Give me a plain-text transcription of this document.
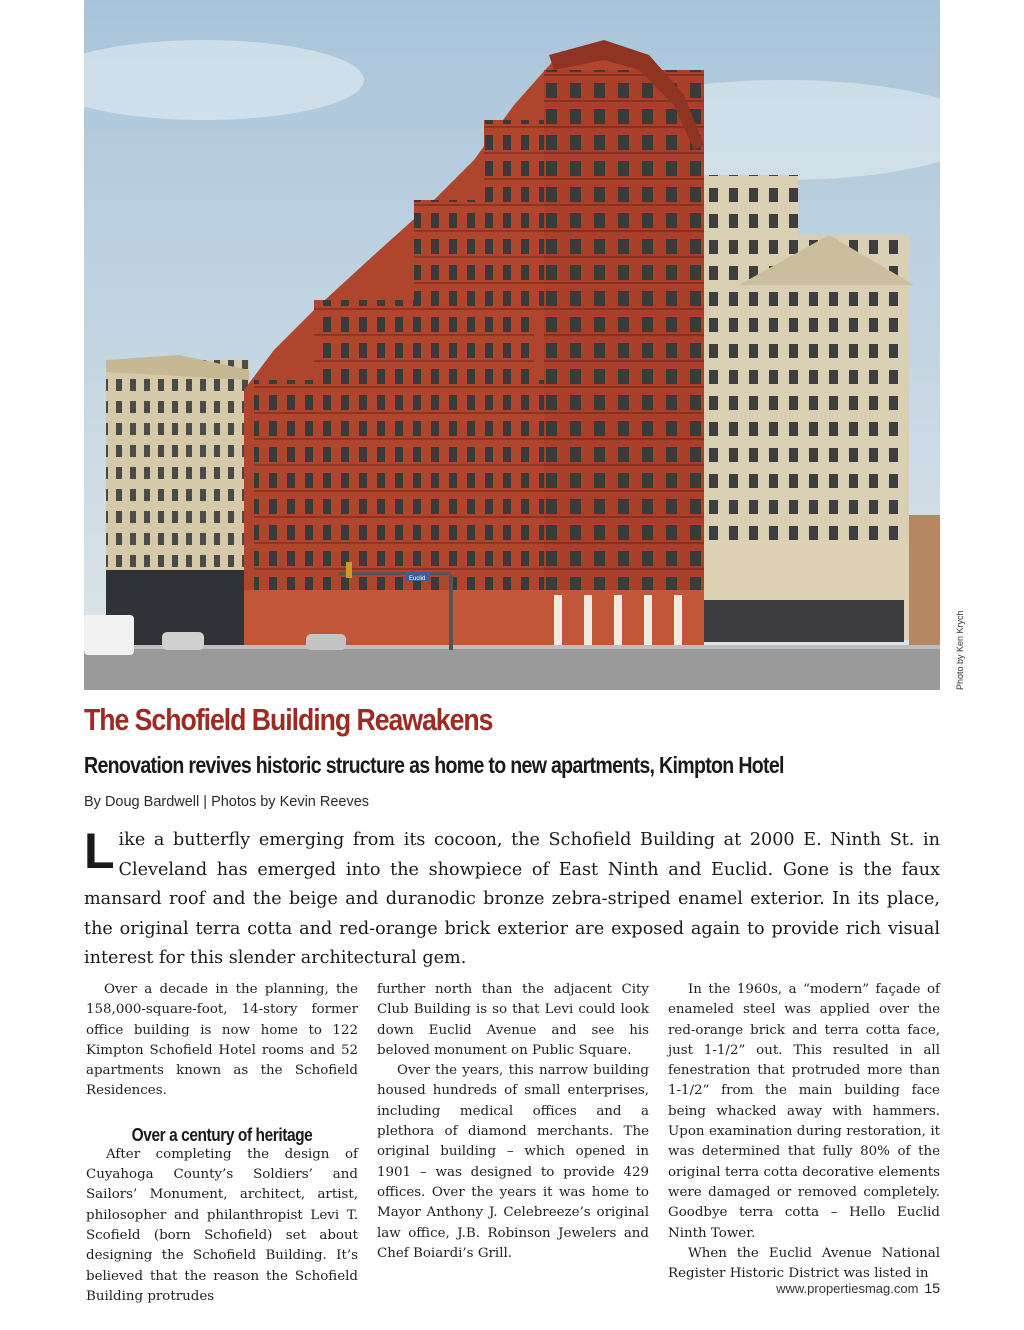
Euclid
Photo by Ken Krych
The Schofield Building Reawakens
Renovation revives historic structure as home to new apartments, Kimpton Hotel
By Doug Bardwell | Photos by Kevin Reeves

Like a butterfly emerging from its cocoon, the Schofield Building at 2000 E. Ninth St. in Cleveland has emerged into the showpiece of East Ninth and Euclid. Gone is the faux mansard roof and the beige and duranodic bronze zebra-striped enamel exterior. In its place, the original terra cotta and red-orange brick exterior are exposed again to provide rich visual interest for this slender architectural gem.

Over a decade in the planning, the 158,000-square-foot, 14-story former office building is now home to 122 Kimpton Schofield Hotel rooms and 52 apartments known as the Schofield Residences.

Over a century of heritage

After completing the design of Cuyahoga County’s Soldiers’ and Sailors’ Monument, architect, artist, philosopher and philanthropist Levi T. Scofield (born Schofield) set about designing the Schofield Building. It’s believed that the reason the Schofield Building protrudes

further north than the adjacent City Club Building is so that Levi could look down Euclid Avenue and see his beloved monument on Public Square.

Over the years, this narrow building housed hundreds of small enterprises, including medical offices and a plethora of diamond merchants. The original building – which opened in 1901 – was designed to provide 429 offices. Over the years it was home to Mayor Anthony J. Celebreeze’s original law office, J.B. Robinson Jewelers and Chef Boiardi’s Grill.

In the 1960s, a “modern” façade of enameled steel was applied over the red-orange brick and terra cotta face, just 1-1/2” out. This resulted in all fenestration that protruded more than 1-1/2” from the main building face being whacked away with hammers. Upon examination during restoration, it was determined that fully 80% of the original terra cotta decorative elements were damaged or removed completely. Goodbye terra cotta – Hello Euclid Ninth Tower.

When the Euclid Avenue National Register Historic District was listed in

www.propertiesmag.com 15
